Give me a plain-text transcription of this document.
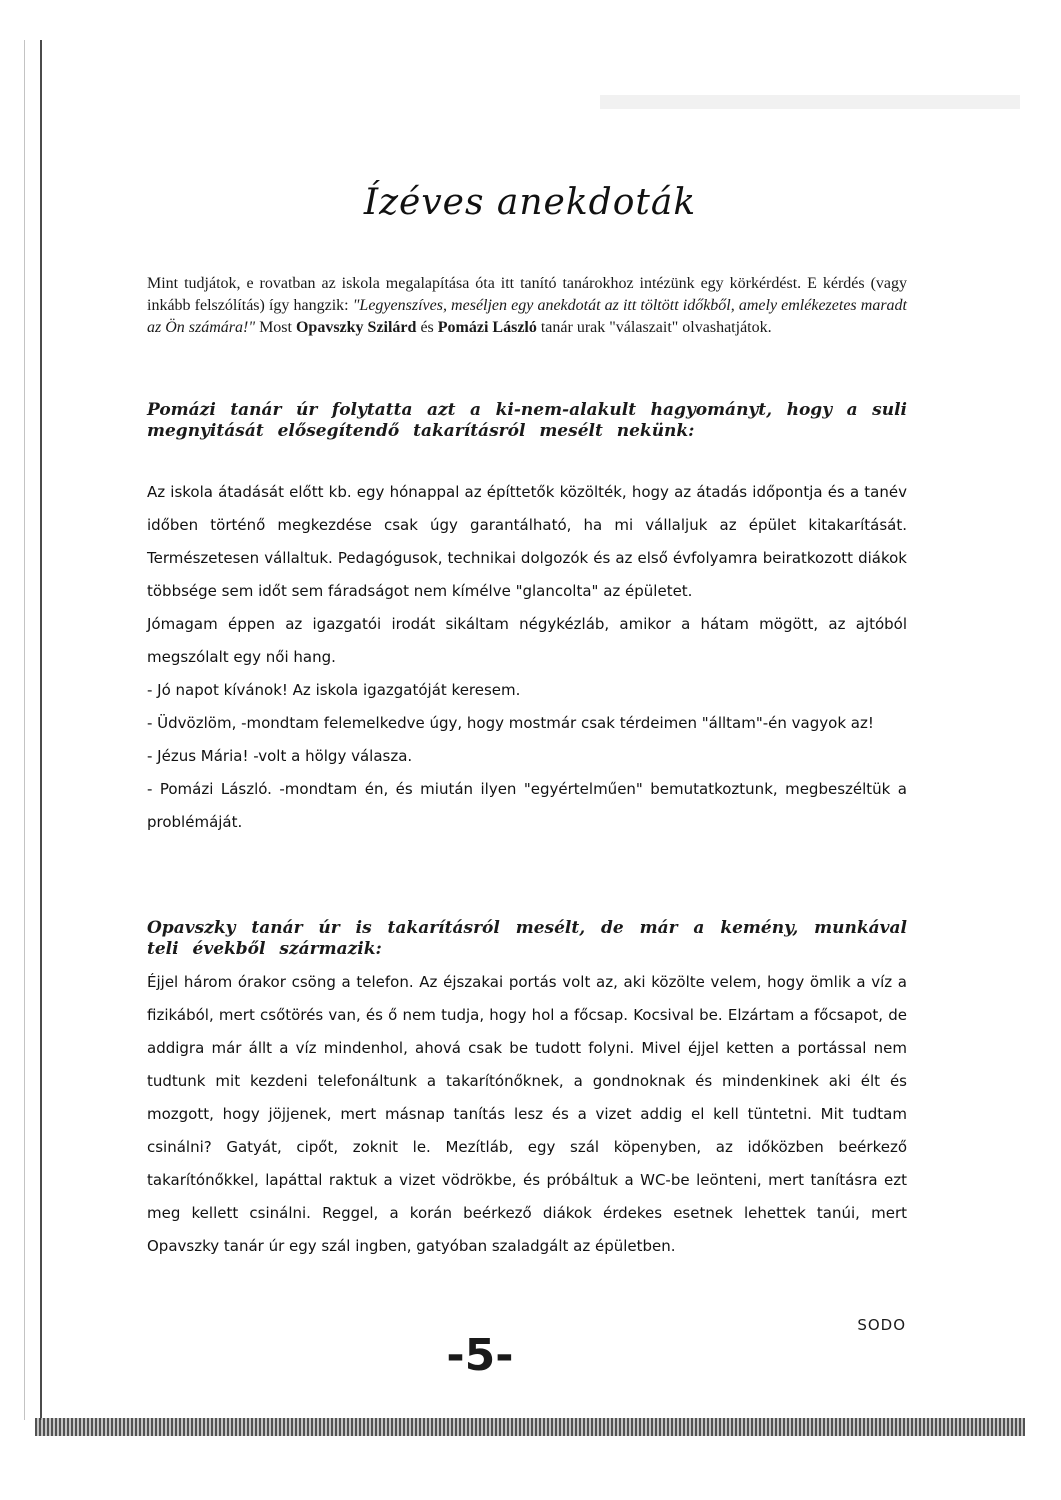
Ízéves anekdoták
Mint tudjátok, e rovatban az iskola megalapítása óta itt tanító tanárokhoz intézünk egy körkérdést. E kérdés (vagy inkább felszólítás) így hangzik: "Legyenszíves, meséljen egy anekdotát az itt töltött időkből, amely emlékezetes maradt az Ön számára!" Most Opavszky Szilárd és Pomázi László tanár urak "válaszait" olvashatjátok.
Pomázi tanár úr folytatta azt a ki-nem-alakult hagyományt, hogy a suli megnyitását elősegítendő takarításról mesélt nekünk:

Az iskola átadását előtt kb. egy hónappal az építtetők közölték, hogy az átadás időpontja és a tanév időben történő megkezdése csak úgy garantálható, ha mi vállaljuk az épület kitakarítását. Természetesen vállaltuk. Pedagógusok, technikai dolgozók és az első évfolyamra beiratkozott diákok többsége sem időt sem fáradságot nem kímélve "glancolta" az épületet.

Jómagam éppen az igazgatói irodát sikáltam négykézláb, amikor a hátam mögött, az ajtóból megszólalt egy női hang.

- Jó napot kívánok! Az iskola igazgatóját keresem.

- Üdvözlöm, -mondtam felemelkedve úgy, hogy mostmár csak térdeimen "álltam"-én vagyok az!

- Jézus Mária! -volt a hölgy válasza.

- Pomázi László. -mondtam én, és miután ilyen "egyértelműen" bemutatkoztunk, megbeszéltük a problémáját.

Opavszky tanár úr is takarításról mesélt, de már a kemény, munkával teli évekből származik:

Éjjel három órakor csöng a telefon. Az éjszakai portás volt az, aki közölte velem, hogy ömlik a víz a fizikából, mert csőtörés van, és ő nem tudja, hogy hol a főcsap. Kocsival be. Elzártam a főcsapot, de addigra már állt a víz mindenhol, ahová csak be tudott folyni. Mivel éjjel ketten a portással nem tudtunk mit kezdeni telefonáltunk a takarítónőknek, a gondnoknak és mindenkinek aki élt és mozgott, hogy jöjjenek, mert másnap tanítás lesz és a vizet addig el kell tüntetni. Mit tudtam csinálni? Gatyát, cipőt, zoknit le. Mezítláb, egy szál köpenyben, az időközben beérkező takarítónőkkel, lapáttal raktuk a vizet vödrökbe, és próbáltuk a WC-be leönteni, mert tanításra ezt meg kellett csinálni. Reggel, a korán beérkező diákok érdekes esetnek lehettek tanúi, mert Opavszky tanár úr egy szál ingben, gatyóban szaladgált az épületben.

SODO
-5-
